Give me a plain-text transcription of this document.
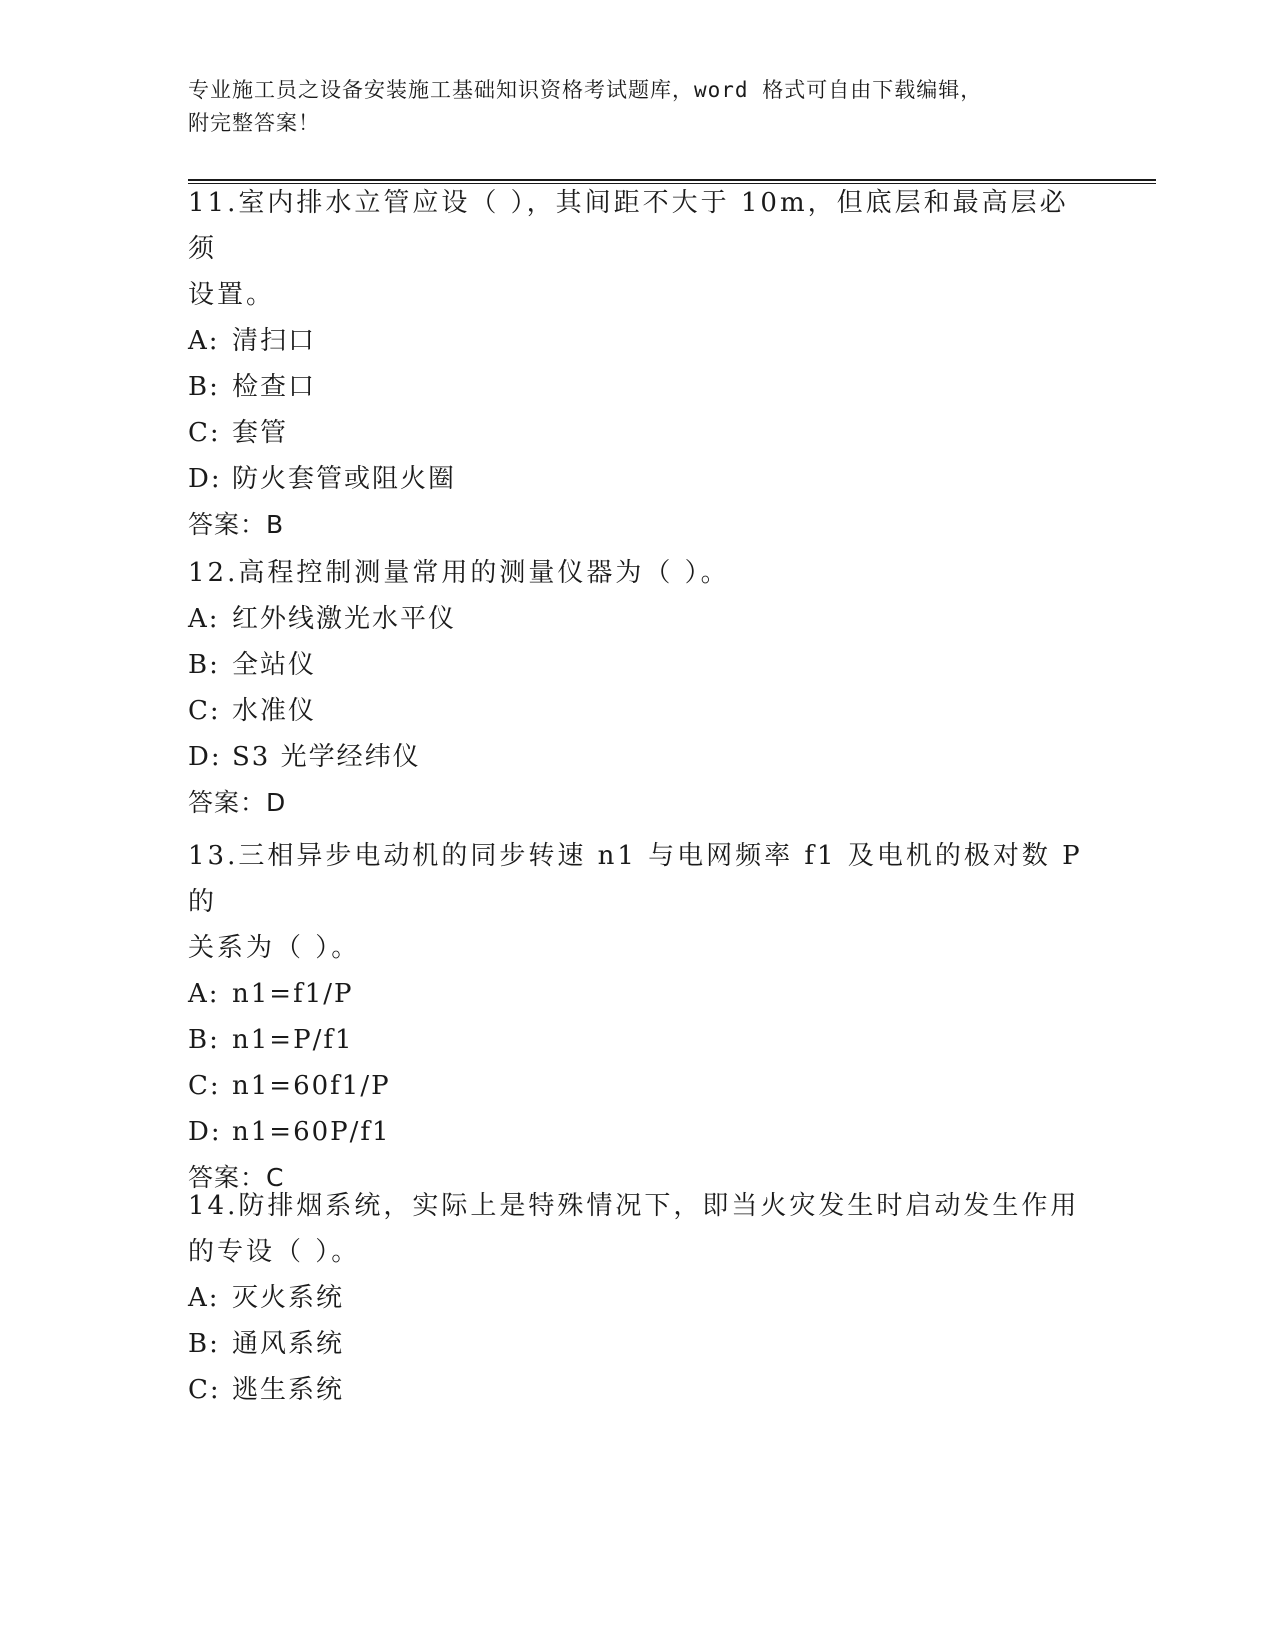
专业施工员之设备安装施工基础知识资格考试题库，word 格式可自由下载编辑，
附完整答案！

11.室内排水立管应设（ ），其间距不大于 10m，但底层和最高层必须

设置。

A: 清扫口

B: 检查口

C: 套管

D: 防火套管或阻火圈

答案：B

12.高程控制测量常用的测量仪器为（ ）。

A: 红外线激光水平仪

B: 全站仪

C: 水准仪

D: S3 光学经纬仪

答案：D

13.三相异步电动机的同步转速 n1 与电网频率 f1 及电机的极对数 P 的

关系为（ ）。

A: n1=f1/P

B: n1=P/f1

C: n1=60f1/P

D: n1=60P/f1

答案：C

14.防排烟系统，实际上是特殊情况下，即当火灾发生时启动发生作用

的专设（ ）。

A: 灭火系统

B: 通风系统

C: 逃生系统
